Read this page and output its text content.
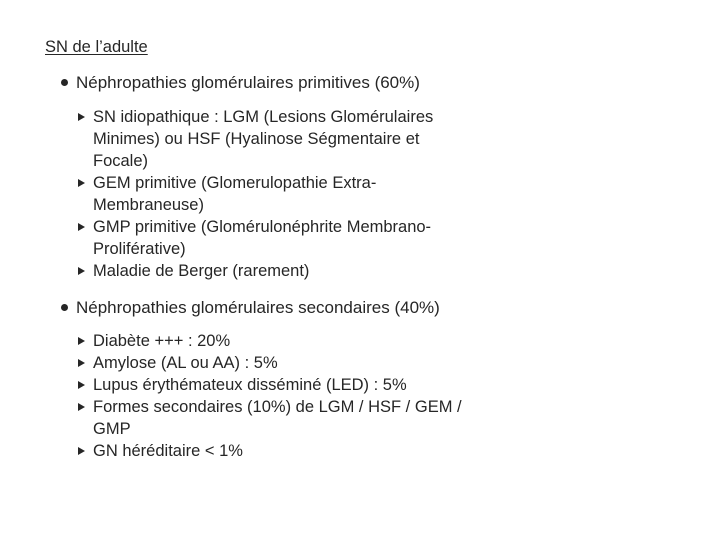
SN de l’adulte
Néphropathies glomérulaires primitives (60%)
SN idiopathique : LGM (Lesions Glomérulaires
Minimes) ou HSF (Hyalinose Ségmentaire et
Focale)
GEM primitive (Glomerulopathie Extra-
Membraneuse)
GMP primitive (Glomérulonéphrite Membrano-
Proliférative)
Maladie de Berger (rarement)
Néphropathies glomérulaires secondaires (40%)
Diabète +++ : 20%
Amylose (AL ou AA) : 5%
Lupus érythémateux disséminé (LED) : 5%
Formes secondaires (10%) de LGM / HSF / GEM /
GMP
GN héréditaire < 1%
